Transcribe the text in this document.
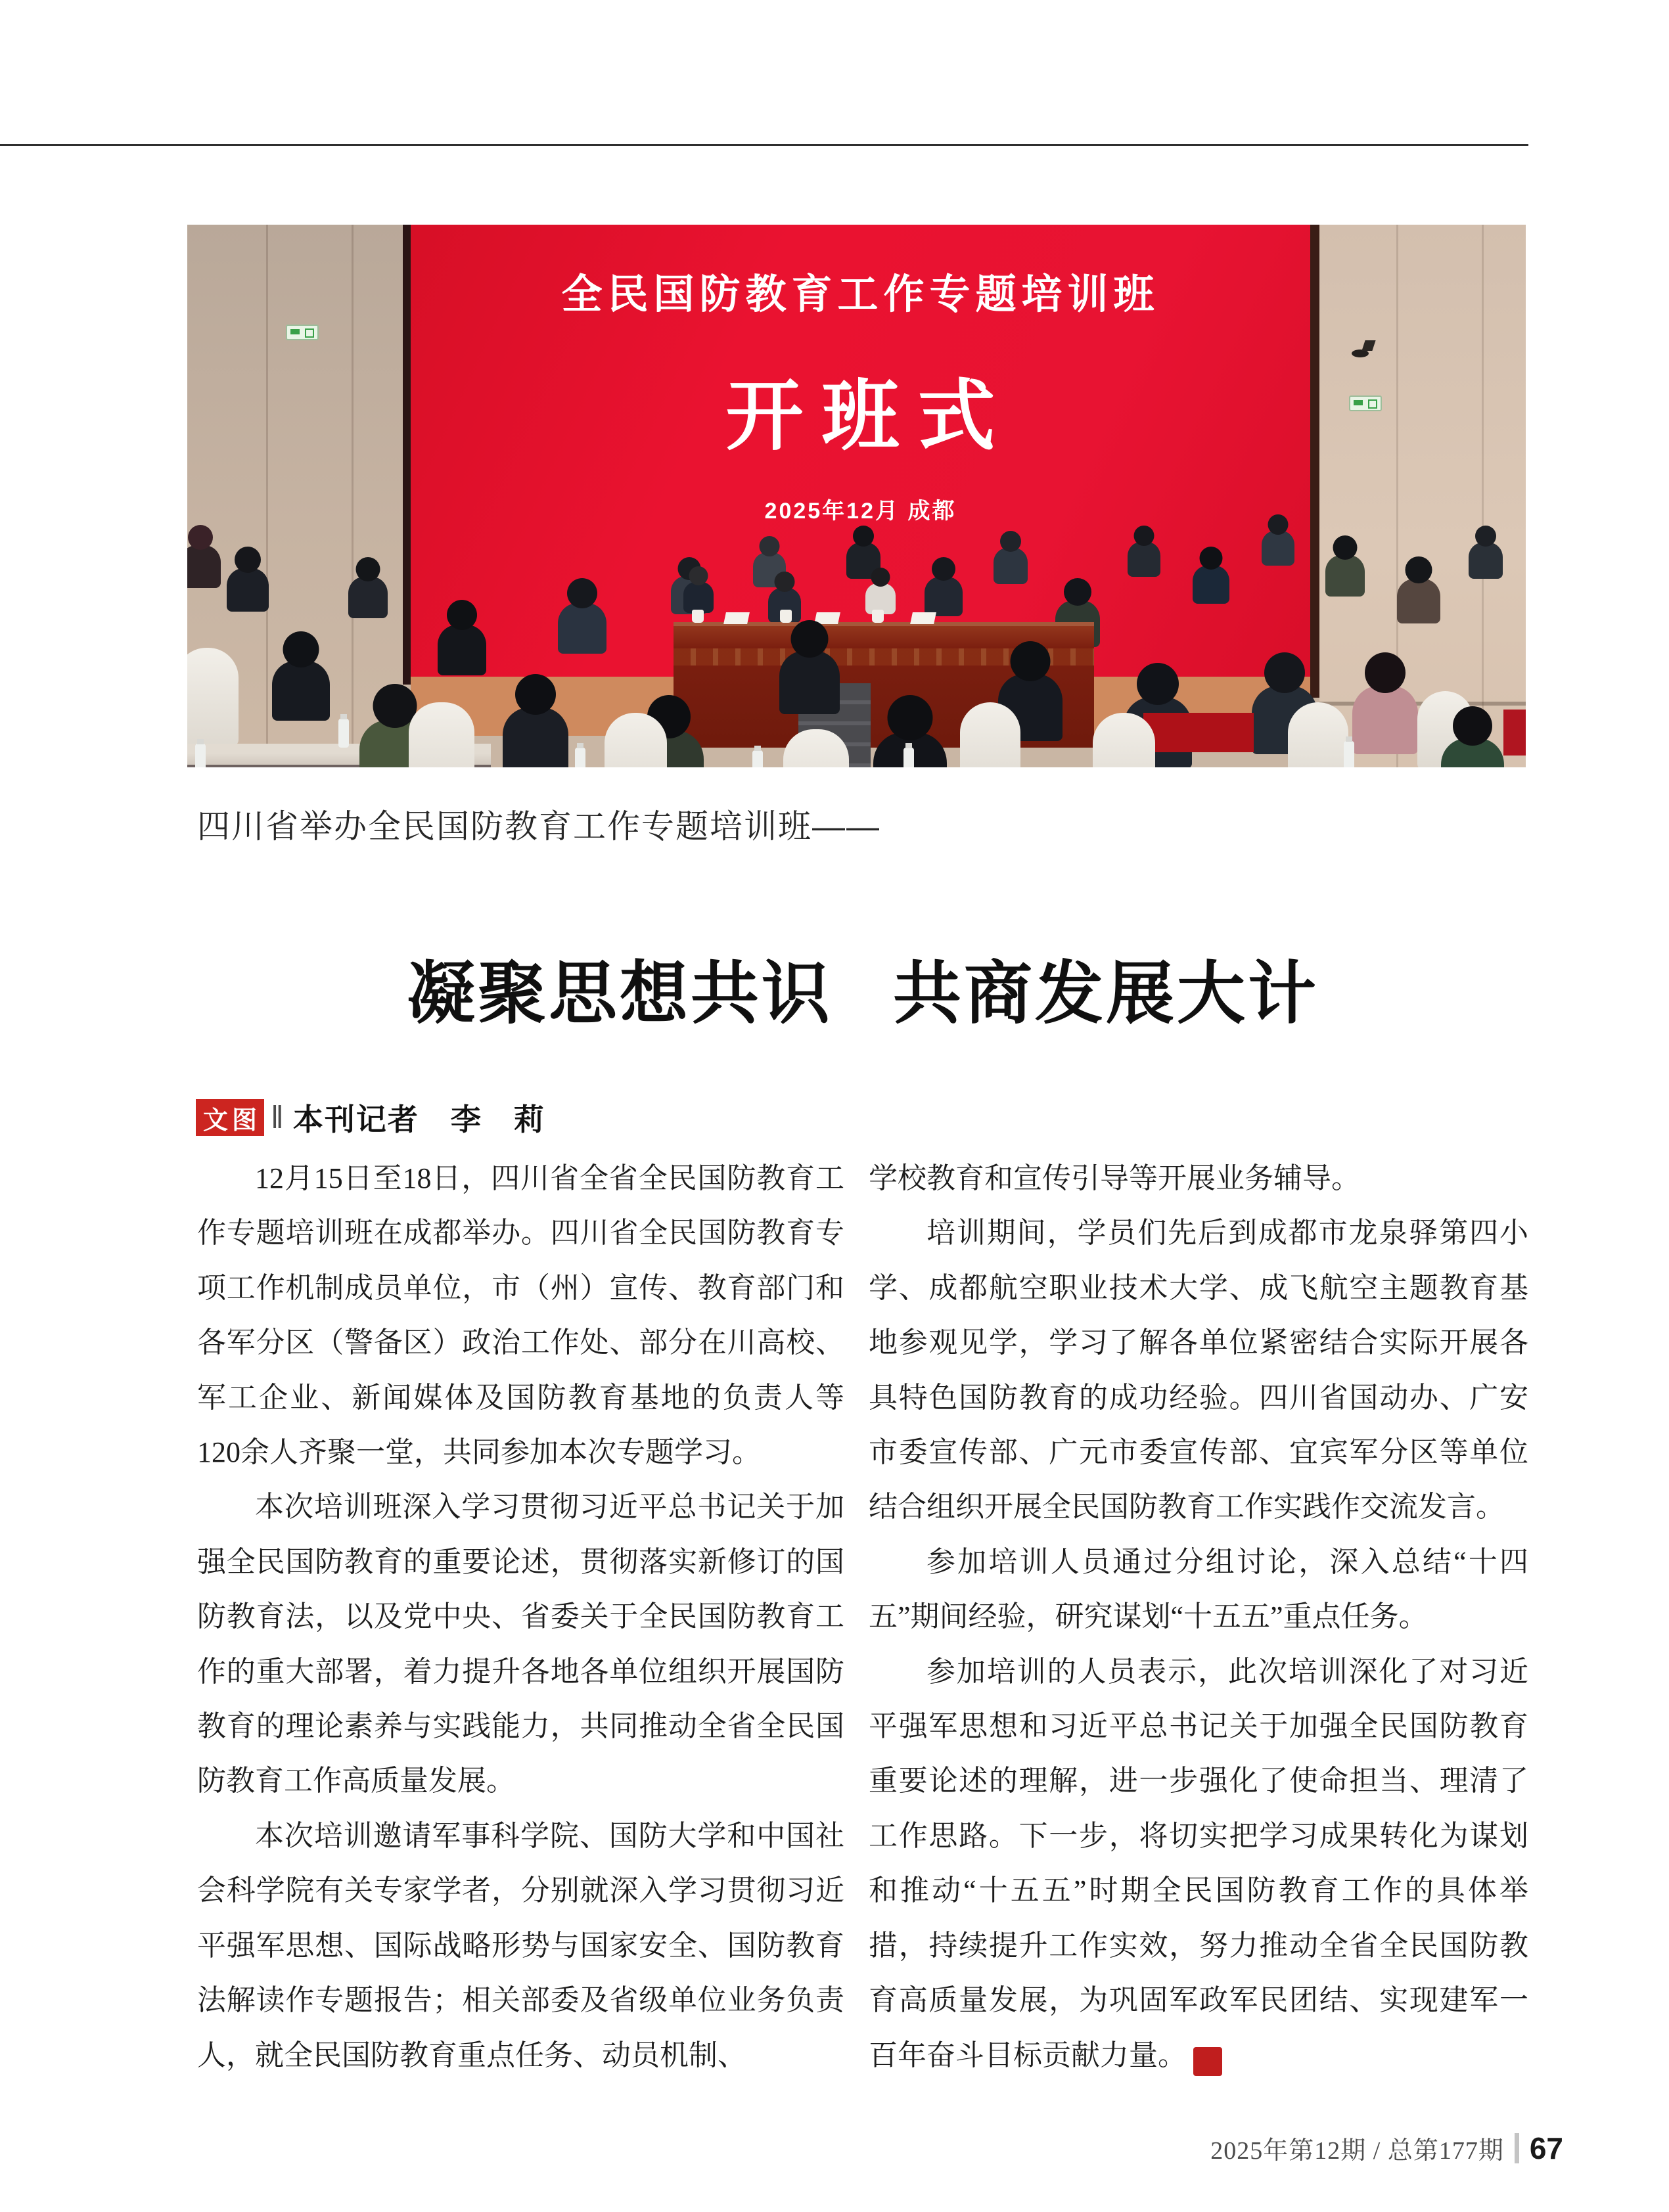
全民国防教育工作专题培训班
开班式
2025年12月 成都
四川省举办全民国防教育工作专题培训班——
凝聚思想共识 共商发展大计
文图 ‖ 本刊记者　李　莉

12月15日至18日，四川省全省全民国防教育工作专题培训班在成都举办。四川省全民国防教育专项工作机制成员单位，市（州）宣传、教育部门和各军分区（警备区）政治工作处、部分在川高校、军工企业、新闻媒体及国防教育基地的负责人等120余人齐聚一堂，共同参加本次专题学习。

本次培训班深入学习贯彻习近平总书记关于加强全民国防教育的重要论述，贯彻落实新修订的国防教育法，以及党中央、省委关于全民国防教育工作的重大部署，着力提升各地各单位组织开展国防教育的理论素养与实践能力，共同推动全省全民国防教育工作高质量发展。

本次培训邀请军事科学院、国防大学和中国社会科学院有关专家学者，分别就深入学习贯彻习近平强军思想、国际战略形势与国家安全、国防教育法解读作专题报告；相关部委及省级单位业务负责人，就全民国防教育重点任务、动员机制、

学校教育和宣传引导等开展业务辅导。

培训期间，学员们先后到成都市龙泉驿第四小学、成都航空职业技术大学、成飞航空主题教育基地参观见学，学习了解各单位紧密结合实际开展各具特色国防教育的成功经验。四川省国动办、广安市委宣传部、广元市委宣传部、宜宾军分区等单位结合组织开展全民国防教育工作实践作交流发言。

参加培训人员通过分组讨论，深入总结“十四五”期间经验，研究谋划“十五五”重点任务。

参加培训的人员表示，此次培训深化了对习近平强军思想和习近平总书记关于加强全民国防教育重要论述的理解，进一步强化了使命担当、理清了工作思路。下一步，将切实把学习成果转化为谋划和推动“十五五”时期全民国防教育工作的具体举措，持续提升工作实效，努力推动全省全民国防教育高质量发展，为巩固军政军民团结、实现建军一百年奋斗目标贡献力量。	G

2025年第12期 / 总第177期 67
